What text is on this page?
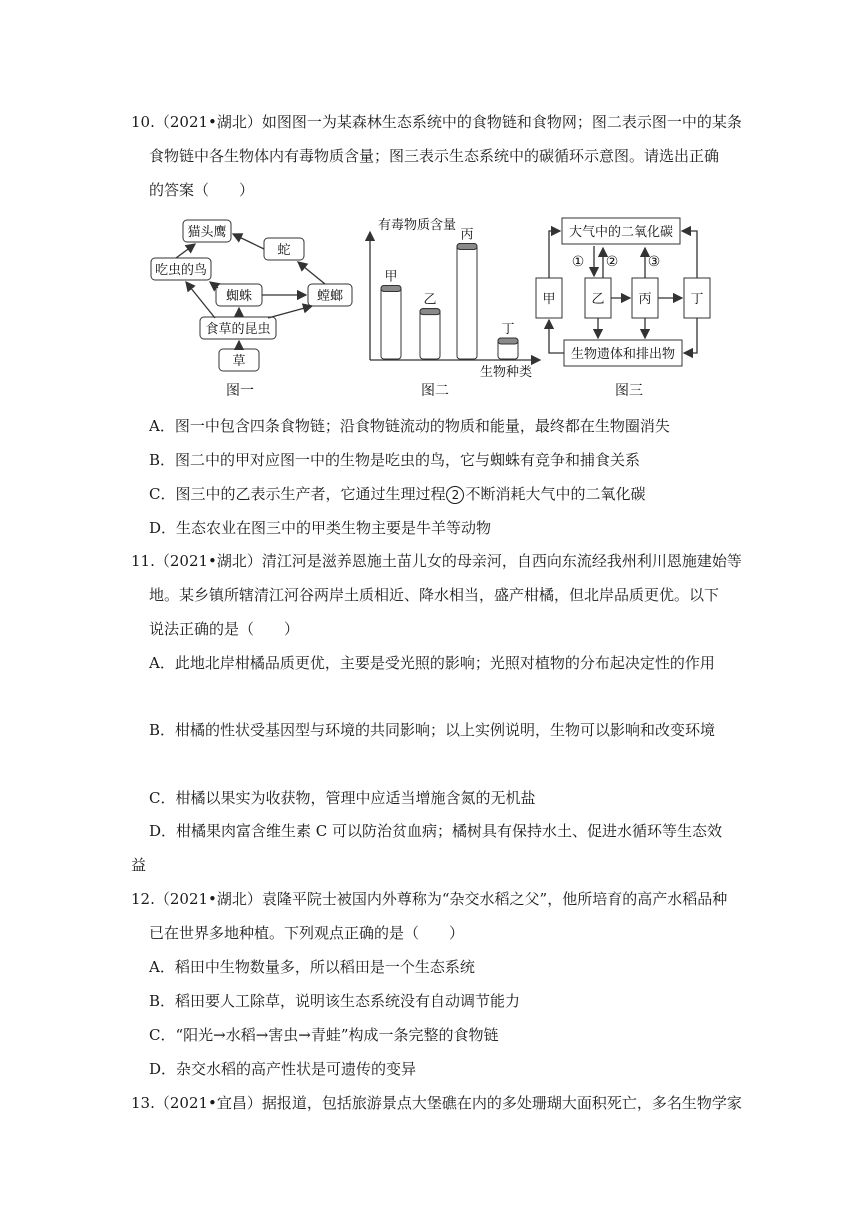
10.（2021•湖北）如图图一为某森林生态系统中的食物链和食物网；图二表示图一中的某条
食物链中各生物体内有毒物质含量；图三表示生态系统中的碳循环示意图。请选出正确
的答案（　　）
猫头鹰
蛇
吃虫的鸟
蜘蛛	螳螂
食草的昆虫
草
图一
有毒物质含量
生物种类
甲
乙
丙
丁
图二
大气中的二氧化碳
甲	乙	丙	丁
生物遗体和排出物
① ② ③
图三
A．图一中包含四条食物链；沿食物链流动的物质和能量，最终都在生物圈消失
B．图二中的甲对应图一中的生物是吃虫的鸟，它与蜘蛛有竞争和捕食关系
C．图三中的乙表示生产者，它通过生理过程 2 不断消耗大气中的二氧化碳
D．生态农业在图三中的甲类生物主要是牛羊等动物
11.（2021•湖北）清江河是滋养恩施土苗儿女的母亲河，自西向东流经我州利川恩施建始等
地。某乡镇所辖清江河谷两岸土质相近、降水相当，盛产柑橘，但北岸品质更优。以下
说法正确的是（　　）
A．此地北岸柑橘品质更优，主要是受光照的影响；光照对植物的分布起决定性的作用
B．柑橘的性状受基因型与环境的共同影响；以上实例说明，生物可以影响和改变环境
C．柑橘以果实为收获物，管理中应适当增施含氮的无机盐
D．柑橘果肉富含维生素 C 可以防治贫血病；橘树具有保持水土、促进水循环等生态效
益
12.（2021•湖北）袁隆平院士被国内外尊称为“杂交水稻之父”，他所培育的高产水稻品种
已在世界多地种植。下列观点正确的是（　　）
A．稻田中生物数量多，所以稻田是一个生态系统
B．稻田要人工除草，说明该生态系统没有自动调节能力
C．“阳光→水稻→害虫→青蛙”构成一条完整的食物链
D．杂交水稻的高产性状是可遗传的变异
13.（2021•宜昌）据报道，包括旅游景点大堡礁在内的多处珊瑚大面积死亡，多名生物学家
